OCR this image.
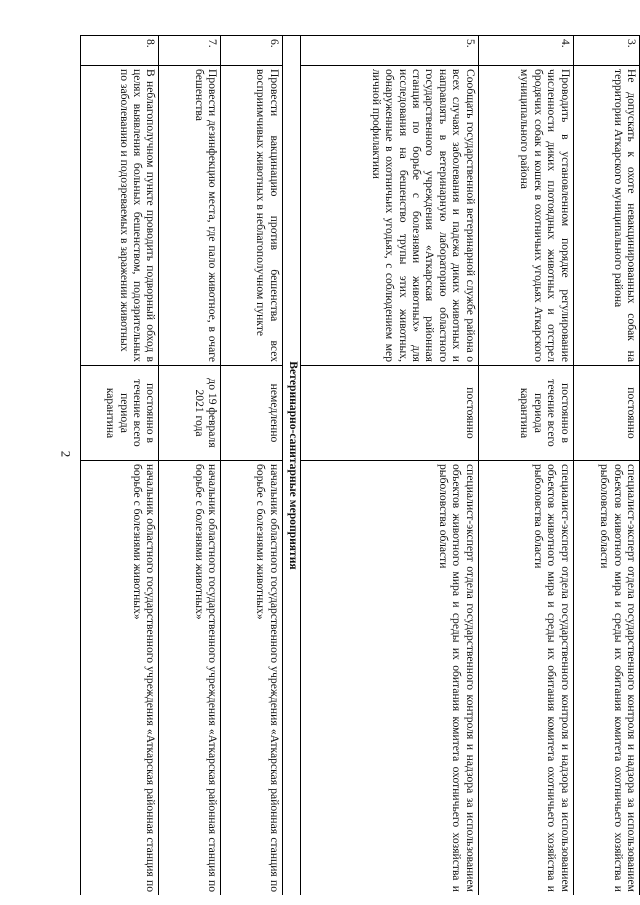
2
3.	Не допускать к охоте невакцинированных собак на территории Аткарского муниципального района	постоянно	специалист-эксперт отдела государственного контроля и надзора за использованием объектов животного мира и среды их обитания комитета охотничьего хозяйства и рыболовства области
4.	Проводить в установленном порядке регулирование численности диких плотоядных животных и отстрел бродячих собак и кошек в охотничьих угодьях Аткарского муниципального района	постоянно в течение всего периода карантина	специалист-эксперт отдела государственного контроля и надзора за использованием объектов животного мира и среды их обитания комитета охотничьего хозяйства и рыболовства области
5.	Сообщать государственной ветеринарной службе района о всех случаях заболевания и падежа диких животных и направлять в ветеринарную лабораторию областного государственного учреждения «Аткарская районная станция по борьбе с болезнями животных» для исследования на бешенство трупы этих животных, обнаруженные в охотничьих угодьях, с соблюдением мер личной профилактики	постоянно	специалист-эксперт отдела государственного контроля и надзора за использованием объектов животного мира и среды их обитания комитета охотничьего хозяйства и рыболовства области
Ветеринарно-санитарные мероприятия			
6.	Провести вакцинацию против бешенства всех восприимчивых животных в неблагополучном пункте	немедленно	начальник областного государственного учреждения «Аткарская районная станция по борьбе с болезнями животных»
7.	Провести дезинфекцию места, где пало животное, в очаге бешенства	до 19 февраля 2021 года	начальник областного государственного учреждения «Аткарская районная станция по борьбе с болезнями животных»
8.	В неблагополучном пункте проводить подворный обход в целях выявления больных бешенством, подозрительных по заболеванию и подозреваемых в заражении животных	постоянно в течение всего периода карантина	начальник областного государственного учреждения «Аткарская районная станция по борьбе с болезнями животных»
